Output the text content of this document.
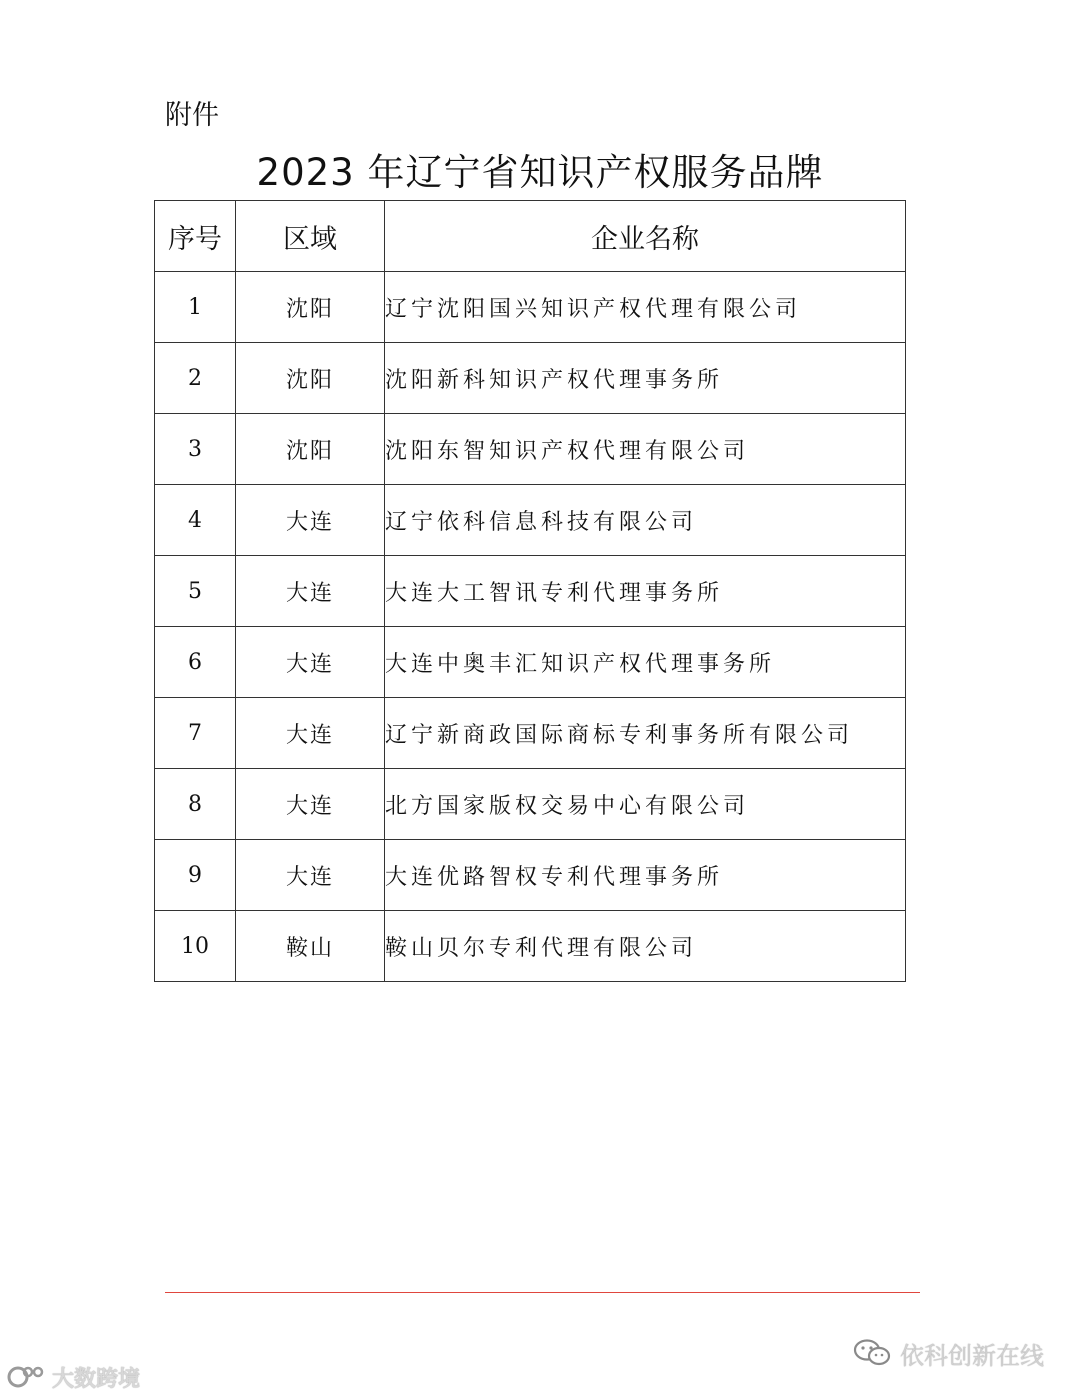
附件
2023 年辽宁省知识产权服务品牌
序号	区域	企业名称
1	沈阳	辽宁沈阳国兴知识产权代理有限公司
2	沈阳	沈阳新科知识产权代理事务所
3	沈阳	沈阳东智知识产权代理有限公司
4	大连	辽宁依科信息科技有限公司
5	大连	大连大工智讯专利代理事务所
6	大连	大连中奥丰汇知识产权代理事务所
7	大连	辽宁新商政国际商标专利事务所有限公司
8	大连	北方国家版权交易中心有限公司
9	大连	大连优路智权专利代理事务所
10	鞍山	鞍山贝尔专利代理有限公司
大数跨境
依科创新在线
